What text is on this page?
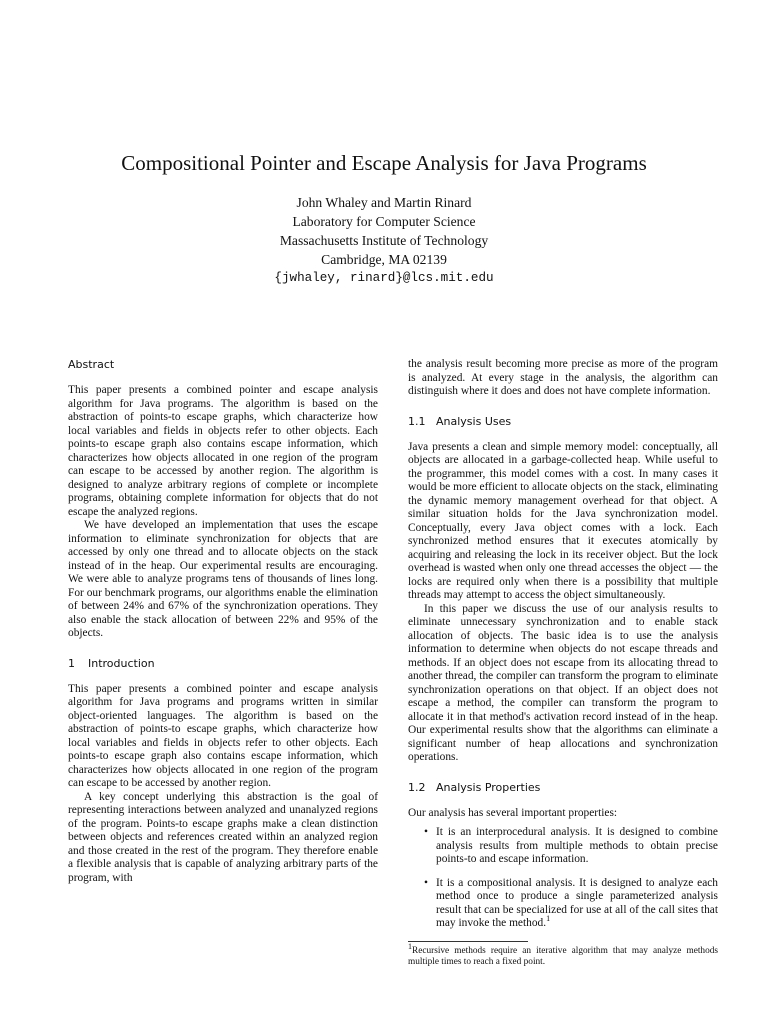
Compositional Pointer and Escape Analysis for Java Programs
John Whaley and Martin Rinard
Laboratory for Computer Science
Massachusetts Institute of Technology
Cambridge, MA 02139
{jwhaley, rinard}@lcs.mit.edu
Abstract

This paper presents a combined pointer and escape analysis algorithm for Java programs. The algorithm is based on the abstraction of points-to escape graphs, which characterize how local variables and fields in objects refer to other objects. Each points-to escape graph also contains escape information, which characterizes how objects allocated in one region of the program can escape to be accessed by another region. The algorithm is designed to analyze arbitrary regions of complete or incomplete programs, obtaining complete information for objects that do not escape the analyzed regions.

We have developed an implementation that uses the escape information to eliminate synchronization for objects that are accessed by only one thread and to allocate objects on the stack instead of in the heap. Our experimental results are encouraging. We were able to analyze programs tens of thousands of lines long. For our benchmark programs, our algorithms enable the elimination of between 24% and 67% of the synchronization operations. They also enable the stack allocation of between 22% and 95% of the objects.

1 Introduction

This paper presents a combined pointer and escape analysis algorithm for Java programs and programs written in similar object-oriented languages. The algorithm is based on the abstraction of points-to escape graphs, which characterize how local variables and fields in objects refer to other objects. Each points-to escape graph also contains escape information, which characterizes how objects allocated in one region of the program can escape to be accessed by another region.

A key concept underlying this abstraction is the goal of representing interactions between analyzed and unanalyzed regions of the program. Points-to escape graphs make a clean distinction between objects and references created within an analyzed region and those created in the rest of the program. They therefore enable a flexible analysis that is capable of analyzing arbitrary parts of the program, with

the analysis result becoming more precise as more of the program is analyzed. At every stage in the analysis, the algorithm can distinguish where it does and does not have complete information.

1.1 Analysis Uses

Java presents a clean and simple memory model: conceptually, all objects are allocated in a garbage-collected heap. While useful to the programmer, this model comes with a cost. In many cases it would be more efficient to allocate objects on the stack, eliminating the dynamic memory management overhead for that object. A similar situation holds for the Java synchronization model. Conceptually, every Java object comes with a lock. Each synchronized method ensures that it executes atomically by acquiring and releasing the lock in its receiver object. But the lock overhead is wasted when only one thread accesses the object — the locks are required only when there is a possibility that multiple threads may attempt to access the object simultaneously.

In this paper we discuss the use of our analysis results to eliminate unnecessary synchronization and to enable stack allocation of objects. The basic idea is to use the analysis information to determine when objects do not escape threads and methods. If an object does not escape from its allocating thread to another thread, the compiler can transform the program to eliminate synchronization operations on that object. If an object does not escape a method, the compiler can transform the program to allocate it in that method's activation record instead of in the heap. Our experimental results show that the algorithms can eliminate a significant number of heap allocations and synchronization operations.

1.2 Analysis Properties

Our analysis has several important properties:

• It is an interprocedural analysis. It is designed to combine analysis results from multiple methods to obtain precise points-to and escape information.
• It is a compositional analysis. It is designed to analyze each method once to produce a single parameterized analysis result that can be specialized for use at all of the call sites that may invoke the method.$^1$
$^1$Recursive methods require an iterative algorithm that may analyze methods multiple times to reach a fixed point.
